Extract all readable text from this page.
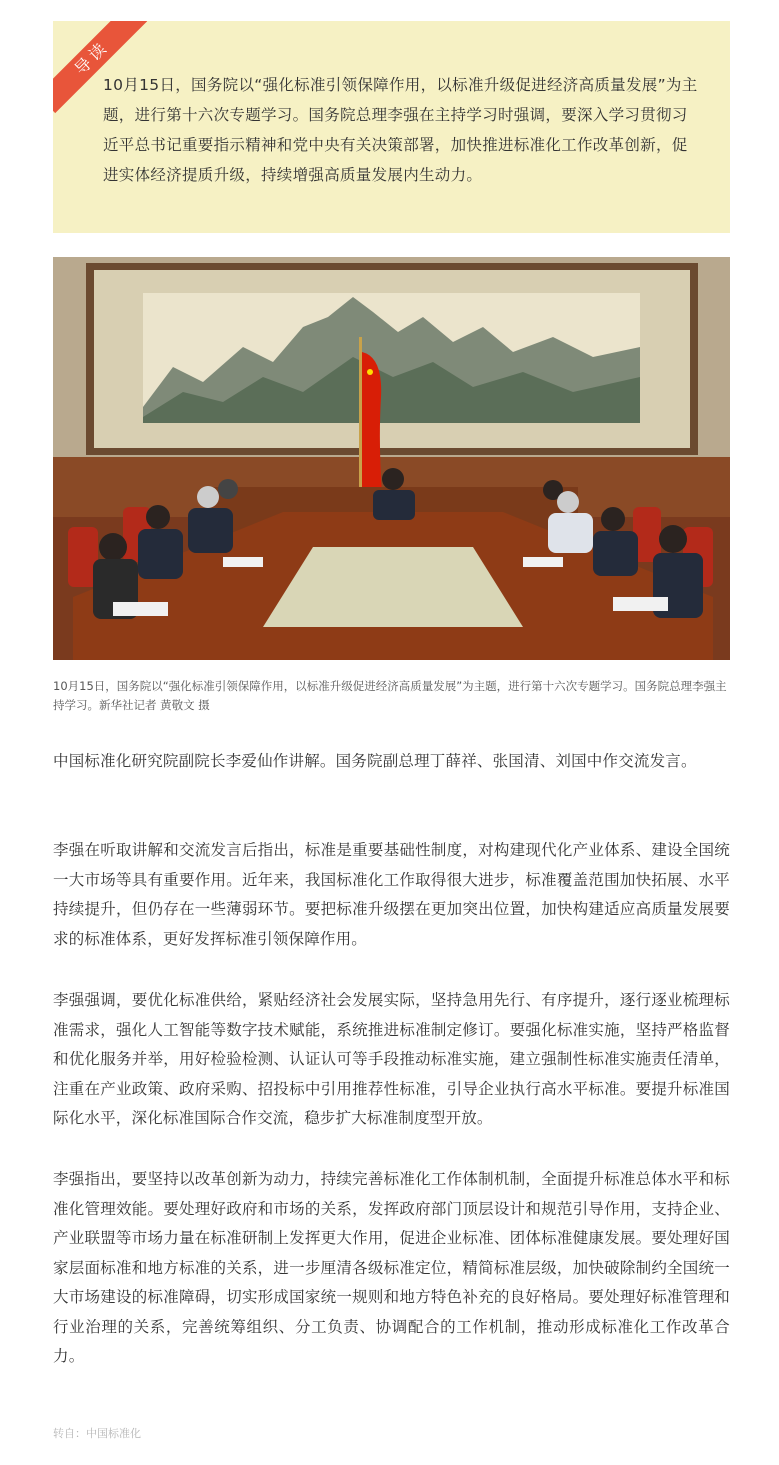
导读

10月15日，国务院以“强化标准引领保障作用，以标准升级促进经济高质量发展”为主题，进行第十六次专题学习。国务院总理李强在主持学习时强调，要深入学习贯彻习近平总书记重要指示精神和党中央有关决策部署，加快推进标准化工作改革创新，促进实体经济提质升级，持续增强高质量发展内生动力。

10月15日，国务院以“强化标准引领保障作用，以标准升级促进经济高质量发展”为主题，进行第十六次专题学习。国务院总理李强主持学习。新华社记者 黄敬文 摄

中国标准化研究院副院长李爱仙作讲解。国务院副总理丁薛祥、张国清、刘国中作交流发言。

李强在听取讲解和交流发言后指出，标准是重要基础性制度，对构建现代化产业体系、建设全国统一大市场等具有重要作用。近年来，我国标准化工作取得很大进步，标准覆盖范围加快拓展、水平持续提升，但仍存在一些薄弱环节。要把标准升级摆在更加突出位置，加快构建适应高质量发展要求的标准体系，更好发挥标准引领保障作用。

李强强调，要优化标准供给，紧贴经济社会发展实际，坚持急用先行、有序提升，逐行逐业梳理标准需求，强化人工智能等数字技术赋能，系统推进标准制定修订。要强化标准实施，坚持严格监督和优化服务并举，用好检验检测、认证认可等手段推动标准实施，建立强制性标准实施责任清单，注重在产业政策、政府采购、招投标中引用推荐性标准，引导企业执行高水平标准。要提升标准国际化水平，深化标准国际合作交流，稳步扩大标准制度型开放。

李强指出，要坚持以改革创新为动力，持续完善标准化工作体制机制，全面提升标准总体水平和标准化管理效能。要处理好政府和市场的关系，发挥政府部门顶层设计和规范引导作用，支持企业、产业联盟等市场力量在标准研制上发挥更大作用，促进企业标准、团体标准健康发展。要处理好国家层面标准和地方标准的关系，进一步厘清各级标准定位，精简标准层级，加快破除制约全国统一大市场建设的标准障碍，切实形成国家统一规则和地方特色补充的良好格局。要处理好标准管理和行业治理的关系，完善统筹组织、分工负责、协调配合的工作机制，推动形成标准化工作改革合力。

转自：中国标准化
